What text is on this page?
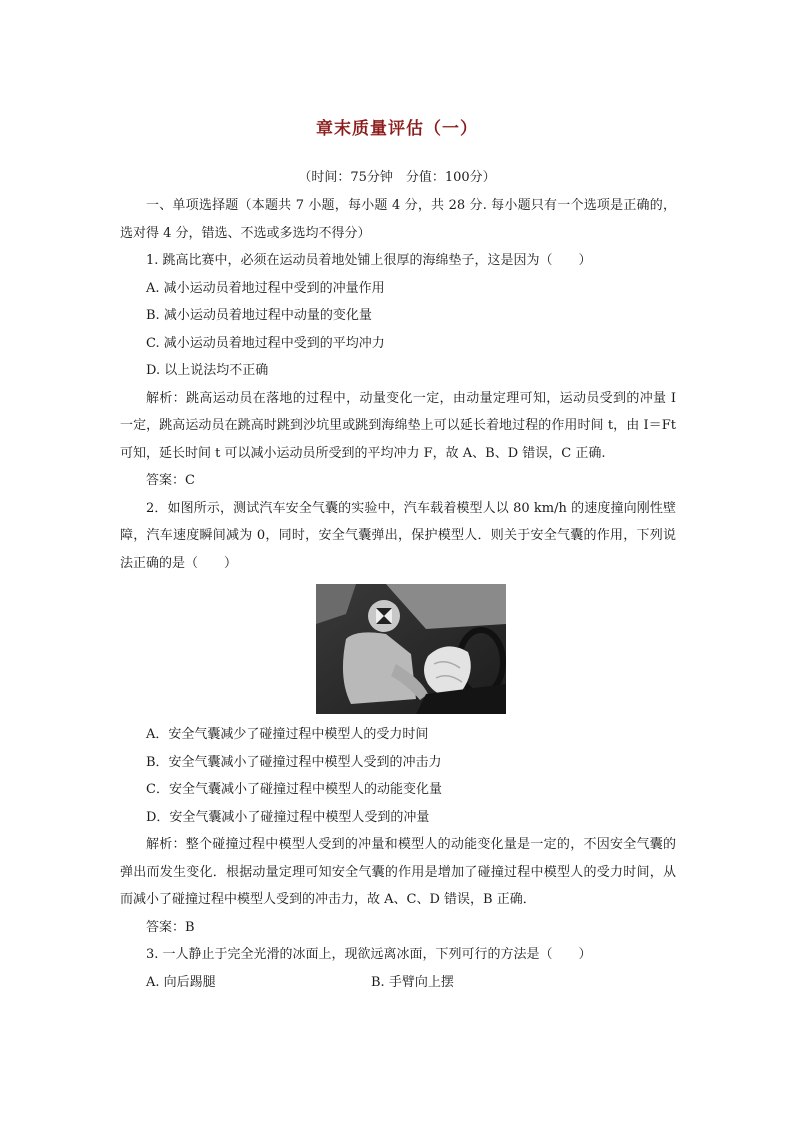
章末质量评估（一）
（时间：75分钟　分值：100分）

一、单项选择题（本题共 7 小题，每小题 4 分，共 28 分. 每小题只有一个选项是正确的，选对得 4 分，错选、不选或多选均不得分）

1. 跳高比赛中，必须在运动员着地处铺上很厚的海绵垫子，这是因为（　　）

A. 减小运动员着地过程中受到的冲量作用

B. 减小运动员着地过程中动量的变化量

C. 减小运动员着地过程中受到的平均冲力

D. 以上说法均不正确

解析：跳高运动员在落地的过程中，动量变化一定，由动量定理可知，运动员受到的冲量 I 一定，跳高运动员在跳高时跳到沙坑里或跳到海绵垫上可以延长着地过程的作用时间 t，由 I＝Ft 可知，延长时间 t 可以减小运动员所受到的平均冲力 F，故 A、B、D 错误，C 正确.

答案：C

2．如图所示，测试汽车安全气囊的实验中，汽车载着模型人以 80 km/h 的速度撞向刚性壁障，汽车速度瞬间减为 0，同时，安全气囊弹出，保护模型人．则关于安全气囊的作用，下列说法正确的是（　　）

A．安全气囊减少了碰撞过程中模型人的受力时间

B．安全气囊减小了碰撞过程中模型人受到的冲击力

C．安全气囊减小了碰撞过程中模型人的动能变化量

D．安全气囊减小了碰撞过程中模型人受到的冲量

解析：整个碰撞过程中模型人受到的冲量和模型人的动能变化量是一定的，不因安全气囊的弹出而发生变化．根据动量定理可知安全气囊的作用是增加了碰撞过程中模型人的受力时间，从而减小了碰撞过程中模型人受到的冲击力，故 A、C、D 错误，B 正确．

答案：B

3. 一人静止于完全光滑的冰面上，现欲远离冰面，下列可行的方法是（　　）

A. 向后踢腿	B. 手臂向上摆
